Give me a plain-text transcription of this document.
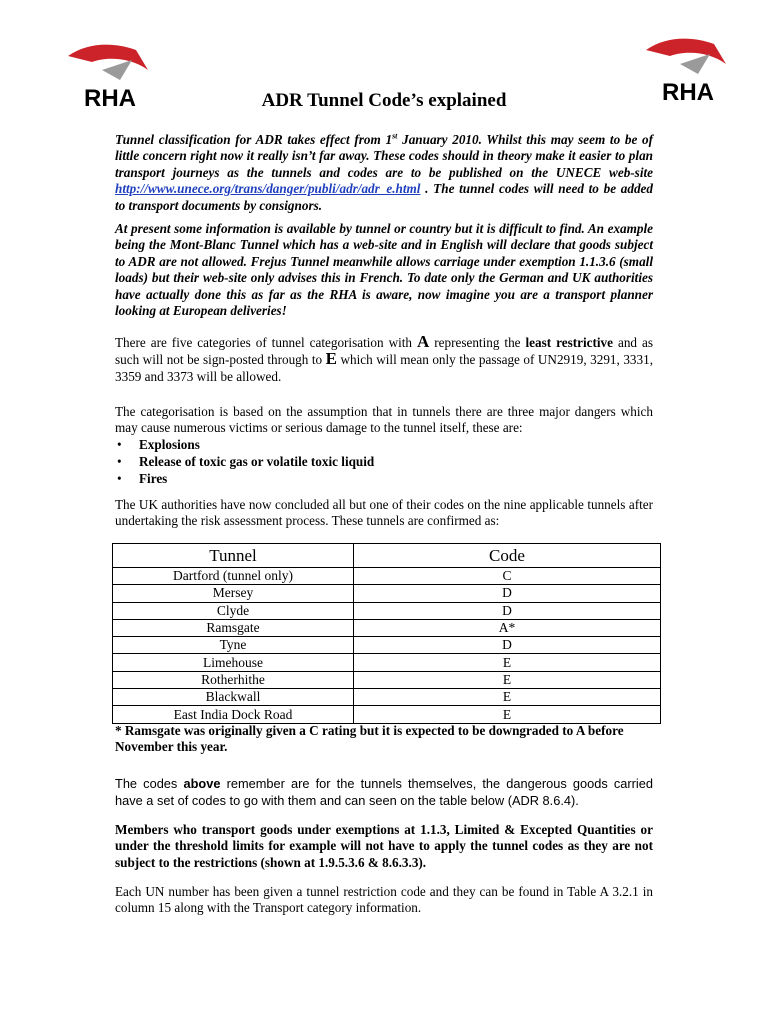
RHA	RHA
ADR Tunnel Code’s explained
Tunnel classification for ADR takes effect from 1st January 2010. Whilst this may seem to be of little concern right now it really isn’t far away. These codes should in theory make it easier to plan transport journeys as the tunnels and codes are to be published on the UNECE web-site http://www.unece.org/trans/danger/publi/adr/adr_e.html . The tunnel codes will need to be added to transport documents by consignors.
At present some information is available by tunnel or country but it is difficult to find. An example being the Mont-Blanc Tunnel which has a web-site and in English will declare that goods subject to ADR are not allowed. Frejus Tunnel meanwhile allows carriage under exemption 1.1.3.6 (small loads) but their web-site only advises this in French. To date only the German and UK authorities have actually done this as far as the RHA is aware, now imagine you are a transport planner looking at European deliveries!
There are five categories of tunnel categorisation with A representing the least restrictive and as such will not be sign-posted through to E which will mean only the passage of UN2919, 3291, 3331, 3359 and 3373 will be allowed.
The categorisation is based on the assumption that in tunnels there are three major dangers which may cause numerous victims or serious damage to the tunnel itself, these are:
• Explosions
• Release of toxic gas or volatile toxic liquid
• Fires
The UK authorities have now concluded all but one of their codes on the nine applicable tunnels after undertaking the risk assessment process. These tunnels are confirmed as:
Tunnel	Code
Dartford (tunnel only)	C
Mersey	D
Clyde	D
Ramsgate	A*
Tyne	D
Limehouse	E
Rotherhithe	E
Blackwall	E
East India Dock Road	E
* Ramsgate was originally given a C rating but it is expected to be downgraded to A before November this year.
The codes above remember are for the tunnels themselves, the dangerous goods carried have a set of codes to go with them and can seen on the table below (ADR 8.6.4).
Members who transport goods under exemptions at 1.1.3, Limited & Excepted Quantities or under the threshold limits for example will not have to apply the tunnel codes as they are not subject to the restrictions (shown at 1.9.5.3.6 & 8.6.3.3).
Each UN number has been given a tunnel restriction code and they can be found in Table A 3.2.1 in column 15 along with the Transport category information.
